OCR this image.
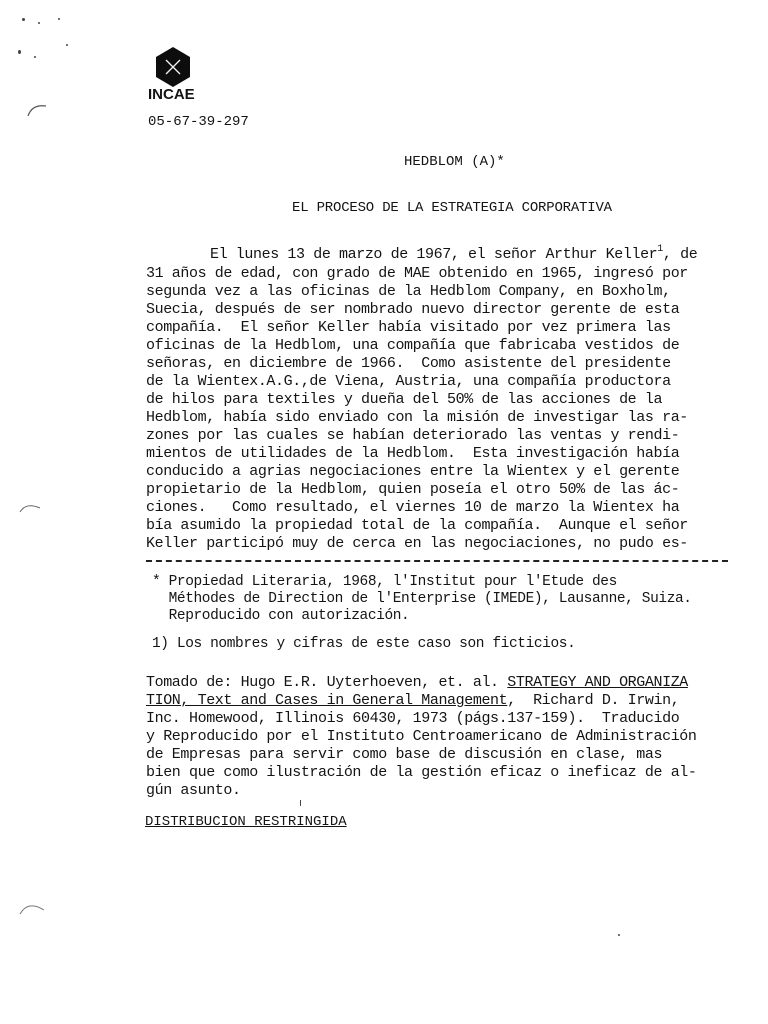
INCAE
05-67-39-297
HEDBLOM (A)*
EL PROCESO DE LA ESTRATEGIA CORPORATIVA
El lunes 13 de marzo de 1967, el señor Arthur Keller$^1$, de
31 años de edad, con grado de MAE obtenido en 1965, ingresó por
segunda vez a las oficinas de la Hedblom Company, en Boxholm,
Suecia, después de ser nombrado nuevo director gerente de esta
compañía.  El señor Keller había visitado por vez primera las
oficinas de la Hedblom, una compañía que fabricaba vestidos de
señoras, en diciembre de 1966.  Como asistente del presidente
de la Wientex.A.G.,de Viena, Austria, una compañía productora
de hilos para textiles y dueña del 50% de las acciones de la
Hedblom, había sido enviado con la misión de investigar las ra-
zones por las cuales se habían deteriorado las ventas y rendi-
mientos de utilidades de la Hedblom.  Esta investigación había
conducido a agrias negociaciones entre la Wientex y el gerente
propietario de la Hedblom, quien poseía el otro 50% de las ác-
ciones.   Como resultado, el viernes 10 de marzo la Wientex ha
bía asumido la propiedad total de la compañía.  Aunque el señor
Keller participó muy de cerca en las negociaciones, no pudo es-
* Propiedad Literaria, 1968, l'Institut pour l'Etude des
Méthodes de Direction de l'Enterprise (IMEDE), Lausanne, Suiza.
Reproducido con autorización.
1) Los nombres y cifras de este caso son ficticios.
Tomado de: Hugo E.R. Uyterhoeven, et. al. STRATEGY AND ORGANIZA
TION, Text and Cases in General Management,  Richard D. Irwin,
Inc. Homewood, Illinois 60430, 1973 (págs.137-159).  Traducido
y Reproducido por el Instituto Centroamericano de Administración
de Empresas para servir como base de discusión en clase, mas
bien que como ilustración de la gestión eficaz o ineficaz de al-
gún asunto.
DISTRIBUCION RESTRINGIDA
